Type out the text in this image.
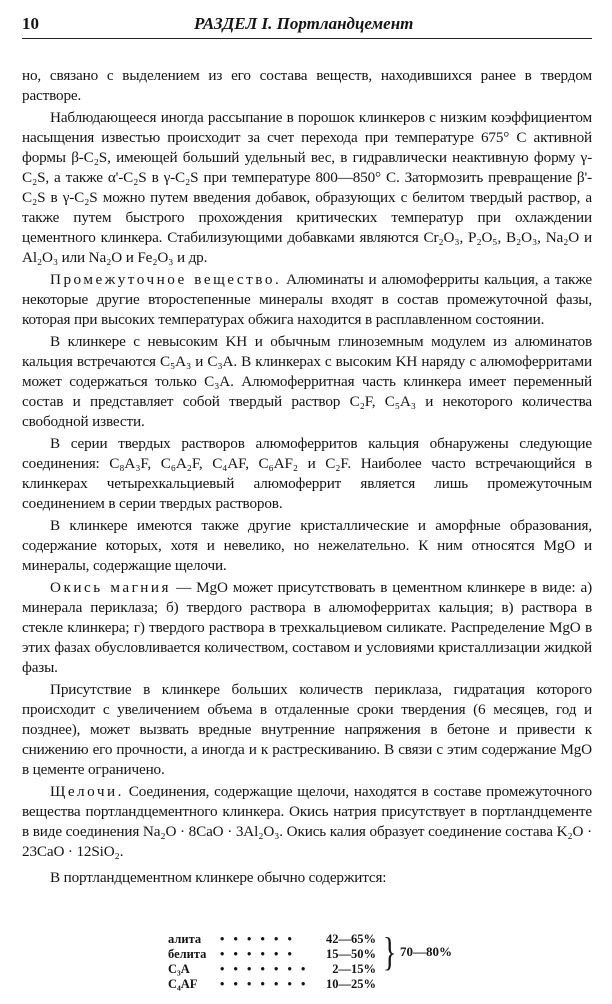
10	РАЗДЕЛ I. Портландцемент

но, связано с выделением из его состава веществ, находившихся ранее в твердом растворе.

Наблюдающееся иногда рассыпание в порошок клинкеров с низким коэффициентом насыщения известью происходит за счет перехода при температуре 675° C активной формы β-C₂S, имеющей больший удельный вес, в гидравлически неактивную форму γ-C₂S, а также α'-C₂S в γ-C₂S при температуре 800—850° C. Затормозить превращение β'-C₂S в γ-C₂S можно путем введения добавок, образующих с белитом твердый раствор, а также путем быстрого прохождения критических температур при охлаждении цементного клинкера. Стабилизующими добавками являются Cr₂O₃, P₂O₅, B₂O₃, Na₂O и Al₂O₃ или Na₂O и Fe₂O₃ и др.

Промежуточное вещество. Алюминаты и алюмоферриты кальция, а также некоторые другие второстепенные минералы входят в состав промежуточной фазы, которая при высоких температурах обжига находится в расплавленном состоянии.

В клинкере с невысоким KH и обычным глиноземным модулем из алюминатов кальция встречаются C₅A₃ и C₃A. В клинкерах с высоким KH наряду с алюмоферритами может содержаться только C₃A. Алюмоферритная часть клинкера имеет переменный состав и представляет собой твердый раствор C₂F, C₅A₃ и некоторого количества свободной извести.

В серии твердых растворов алюмоферритов кальция обнаружены следующие соединения: C₈A₃F, C₆A₂F, C₄AF, C₆AF₂ и C₂F. Наиболее часто встречающийся в клинкерах четырехкальциевый алюмоферрит является лишь промежуточным соединением в серии твердых растворов.

В клинкере имеются также другие кристаллические и аморфные образования, содержание которых, хотя и невелико, но нежелательно. К ним относятся MgO и минералы, содержащие щелочи.

Окись магния — MgO может присутствовать в цементном клинкере в виде: а) минерала периклаза; б) твердого раствора в алюмоферритах кальция; в) раствора в стекле клинкера; г) твердого раствора в трехкальциевом силикате. Распределение MgO в этих фазах обусловливается количеством, составом и условиями кристаллизации жидкой фазы.

Присутствие в клинкере больших количеств периклаза, гидратация которого происходит с увеличением объема в отдаленные сроки твердения (6 месяцев, год и позднее), может вызвать вредные внутренние напряжения в бетоне и привести к снижению его прочности, а иногда и к растрескиванию. В связи с этим содержание MgO в цементе ограничено.

Щелочи. Соединения, содержащие щелочи, находятся в составе промежуточного вещества портландцементного клинкера. Окись натрия присутствует в портландцементе в виде соединения Na₂O · 8CaO · 3Al₂O₃. Окись калия образует соединение состава K₂O · 23CaO · 12SiO₂.

В портландцементном клинкере обычно содержится:

алита	• • • • • •	42—65%
белита	• • • • • •	15—50%
C₃A	• • • • • • •	2—15%
C₄AF	• • • • • • •	10—25%
} 70—80%
